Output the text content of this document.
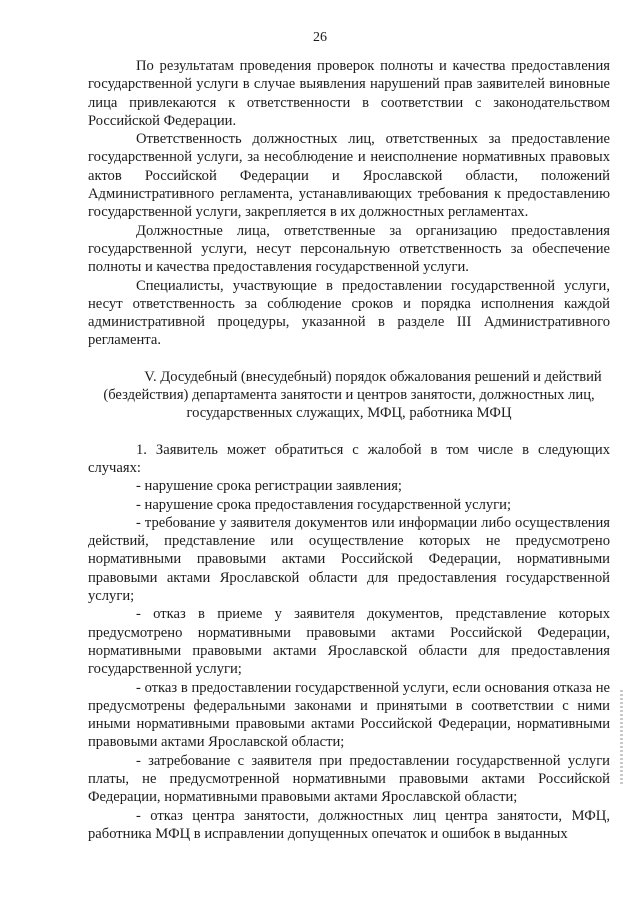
26

По результатам проведения проверок полноты и качества предоставления государственной услуги в случае выявления нарушений прав заявителей виновные лица привлекаются к ответственности в соответствии с законодательством Российской Федерации.

Ответственность должностных лиц, ответственных за предоставление государственной услуги, за несоблюдение и неисполнение нормативных правовых актов Российской Федерации и Ярославской области, положений Административного регламента, устанавливающих требования к предоставлению государственной услуги, закрепляется в их должностных регламентах.

Должностные лица, ответственные за организацию предоставления государственной услуги, несут персональную ответственность за обеспечение полноты и качества предоставления государственной услуги.

Специалисты, участвующие в предоставлении государственной услуги, несут ответственность за соблюдение сроков и порядка исполнения каждой административной процедуры, указанной в разделе III Административного регламента.

V. Досудебный (внесудебный) порядок обжалования решений и действий (бездействия) департамента занятости и центров занятости, должностных лиц, государственных служащих, МФЦ, работника МФЦ

1. Заявитель может обратиться с жалобой в том числе в следующих случаях:

- нарушение срока регистрации заявления;

- нарушение срока предоставления государственной услуги;

- требование у заявителя документов или информации либо осуществления действий, представление или осуществление которых не предусмотрено нормативными правовыми актами Российской Федерации, нормативными правовыми актами Ярославской области для предоставления государственной услуги;

- отказ в приеме у заявителя документов, представление которых предусмотрено нормативными правовыми актами Российской Федерации, нормативными правовыми актами Ярославской области для предоставления государственной услуги;

- отказ в предоставлении государственной услуги, если основания отказа не предусмотрены федеральными законами и принятыми в соответствии с ними иными нормативными правовыми актами Российской Федерации, нормативными правовыми актами Ярославской области;

- затребование с заявителя при предоставлении государственной услуги платы, не предусмотренной нормативными правовыми актами Российской Федерации, нормативными правовыми актами Ярославской области;

- отказ центра занятости, должностных лиц центра занятости, МФЦ, работника МФЦ в исправлении допущенных опечаток и ошибок в выданных
